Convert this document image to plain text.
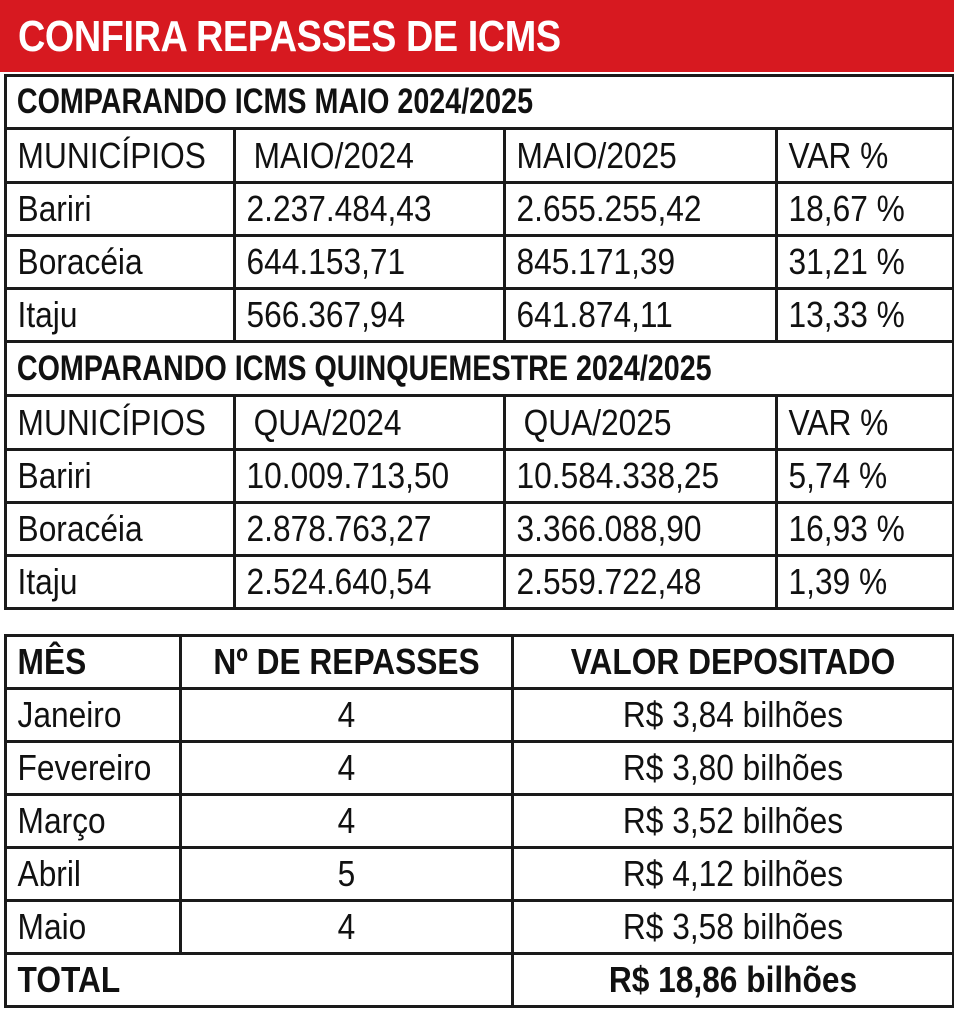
CONFIRA REPASSES DE ICMS
COMPARANDO ICMS MAIO 2024/2025			

MUNICÍPIOS	MAIO/2024	MAIO/2025	VAR %

Bariri	2.237.484,43	2.655.255,42	18,67 %

Boracéia	644.153,71	845.171,39	31,21 %

Itaju	566.367,94	641.874,11	13,33 %

COMPARANDO ICMS QUINQUEMESTRE 2024/2025			

MUNICÍPIOS	QUA/2024	QUA/2025	VAR %

Bariri	10.009.713,50	10.584.338,25	5,74 %

Boracéia	2.878.763,27	3.366.088,90	16,93 %

Itaju	2.524.640,54	2.559.722,48	1,39 %
MÊS	Nº DE REPASSES	VALOR DEPOSITADO

Janeiro	4	R$ 3,84 bilhões

Fevereiro	4	R$ 3,80 bilhões

Março	4	R$ 3,52 bilhões

Abril	5	R$ 4,12 bilhões

Maio	4	R$ 3,58 bilhões

TOTAL		R$ 18,86 bilhões
